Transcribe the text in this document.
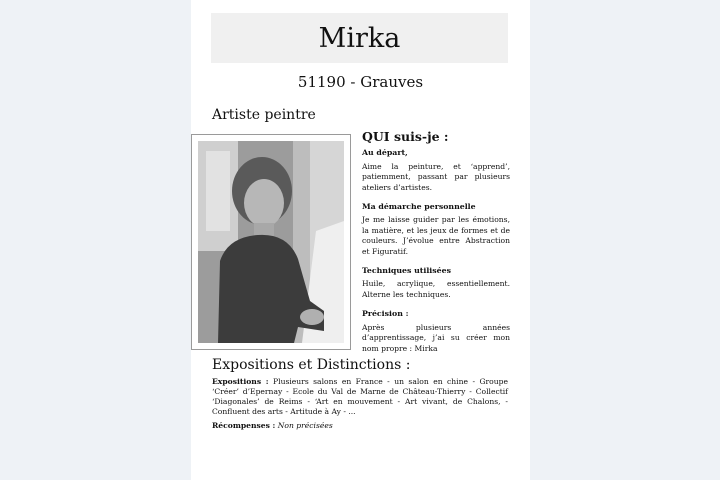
Mirka
51190 - Grauves
Artiste peintre
QUI suis-je :
Au départ,
Aime la peinture, et ‘apprend’, patiemment, passant par plusieurs ateliers d’artistes.
Ma démarche personnelle
Je me laisse guider par les émotions, la matière, et les jeux de formes et de couleurs. J’évolue entre Abstraction et Figuratif.
Techniques utilisées
Huile, acrylique, essentiellement. Alterne les techniques.
Précision :
Après plusieurs années d’apprentissage, j’ai su créer mon nom propre : Mirka
Expositions et Distinctions :
Expositions : Plusieurs salons en France - un salon en chine - Groupe ‘Créer’ d’Epernay - Ecole du Val de Marne de Château-Thierry - Collectif ‘Diagonales’ de Reims - ‘Art en mouvement - Art vivant, de Chalons, - Confluent des arts - Artitude à Ay - ...
Récompenses : Non précisées
